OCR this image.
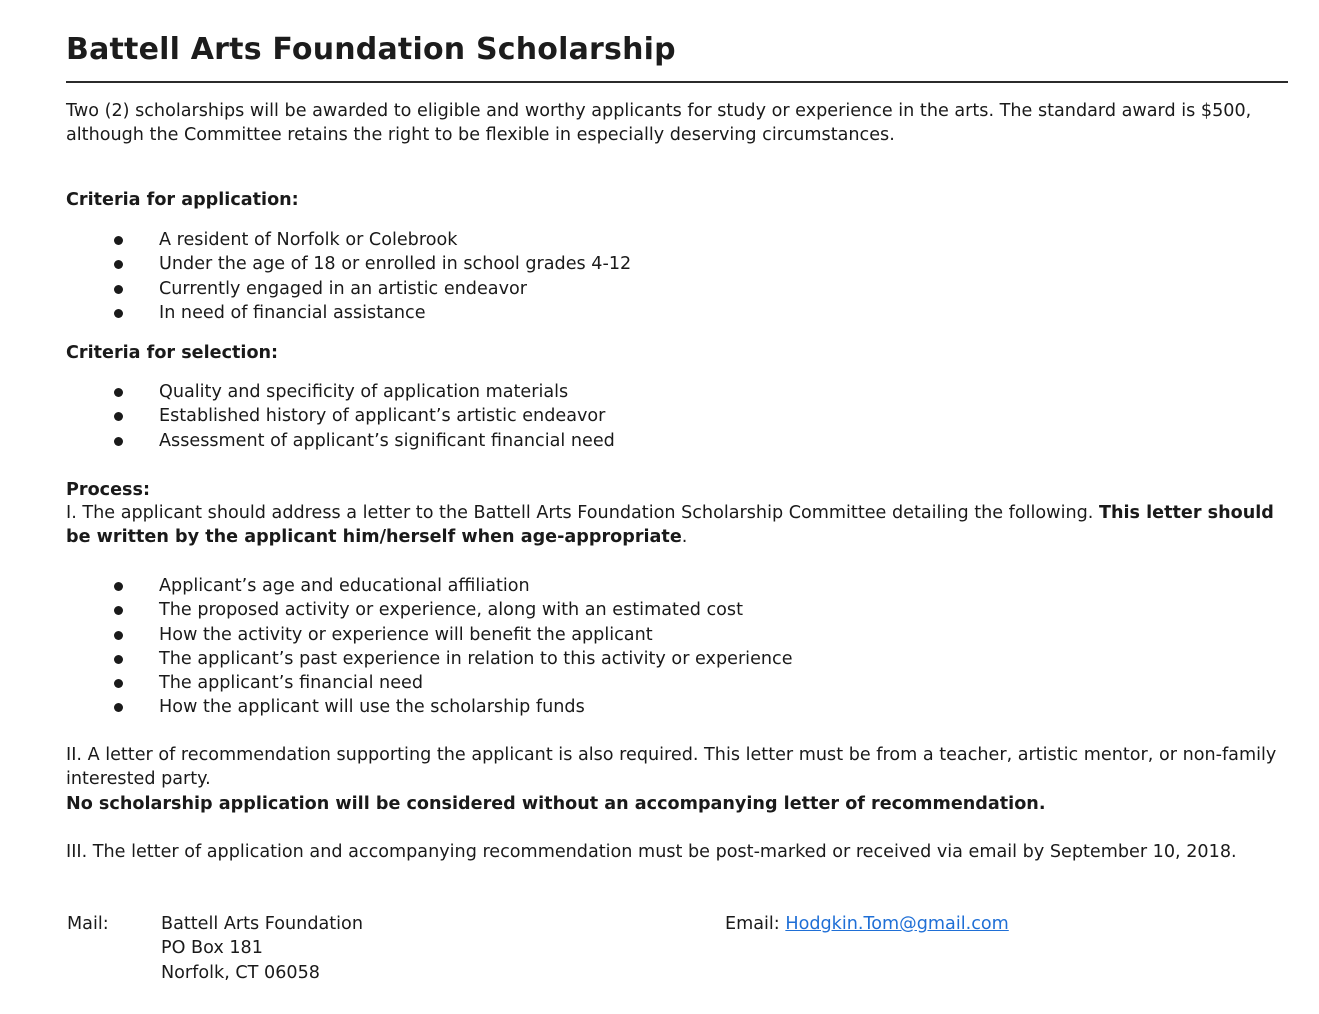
Battell Arts Foundation Scholarship

Two (2) scholarships will be awarded to eligible and worthy applicants for study or experience in the arts. The standard award is $500, although the Committee retains the right to be flexible in especially deserving circumstances.

Criteria for application:
A resident of Norfolk or Colebrook
Under the age of 18 or enrolled in school grades 4-12
Currently engaged in an artistic endeavor
In need of financial assistance
Criteria for selection:
Quality and specificity of application materials
Established history of applicant’s artistic endeavor
Assessment of applicant’s significant financial need
Process:

I. The applicant should address a letter to the Battell Arts Foundation Scholarship Committee detailing the following. This letter should be written by the applicant him/herself when age-appropriate.

Applicant’s age and educational affiliation
The proposed activity or experience, along with an estimated cost
How the activity or experience will benefit the applicant
The applicant’s past experience in relation to this activity or experience
The applicant’s financial need
How the applicant will use the scholarship funds

II. A letter of recommendation supporting the applicant is also required. This letter must be from a teacher, artistic mentor, or non-family interested party.
No scholarship application will be considered without an accompanying letter of recommendation.

III. The letter of application and accompanying recommendation must be post-marked or received via email by September 10, 2018.

Mail:	Battell Arts Foundation
PO Box 181
Norfolk, CT 06058
Email: Hodgkin.Tom@gmail.com
